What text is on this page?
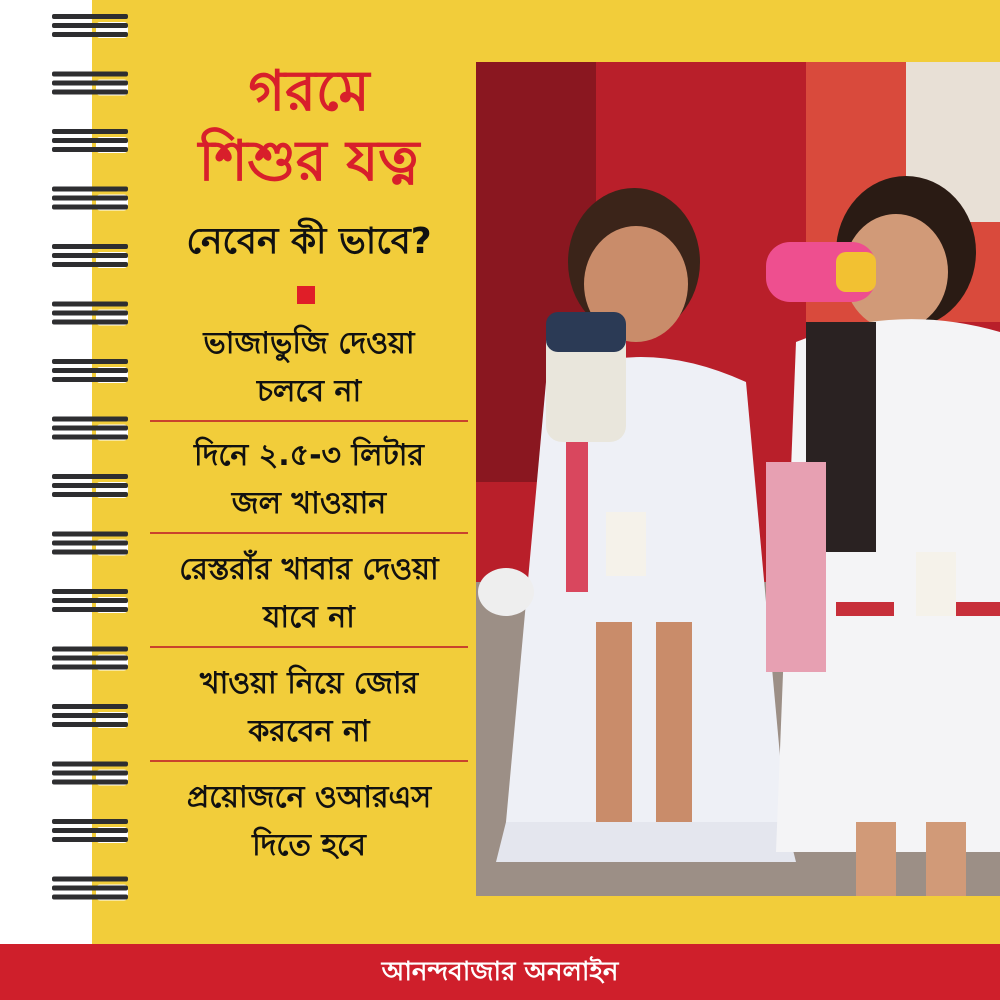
গরমে
শিশুর যত্ন
নেবেন কী ভাবে?
ভাজাভুজি দেওয়া
চলবে না
দিনে ২.৫-৩ লিটার
জল খাওয়ান
রেস্তরাঁর খাবার দেওয়া
যাবে না
খাওয়া নিয়ে জোর
করবেন না
প্রয়োজনে ওআরএস
দিতে হবে
আনন্দবাজার অনলাইন
